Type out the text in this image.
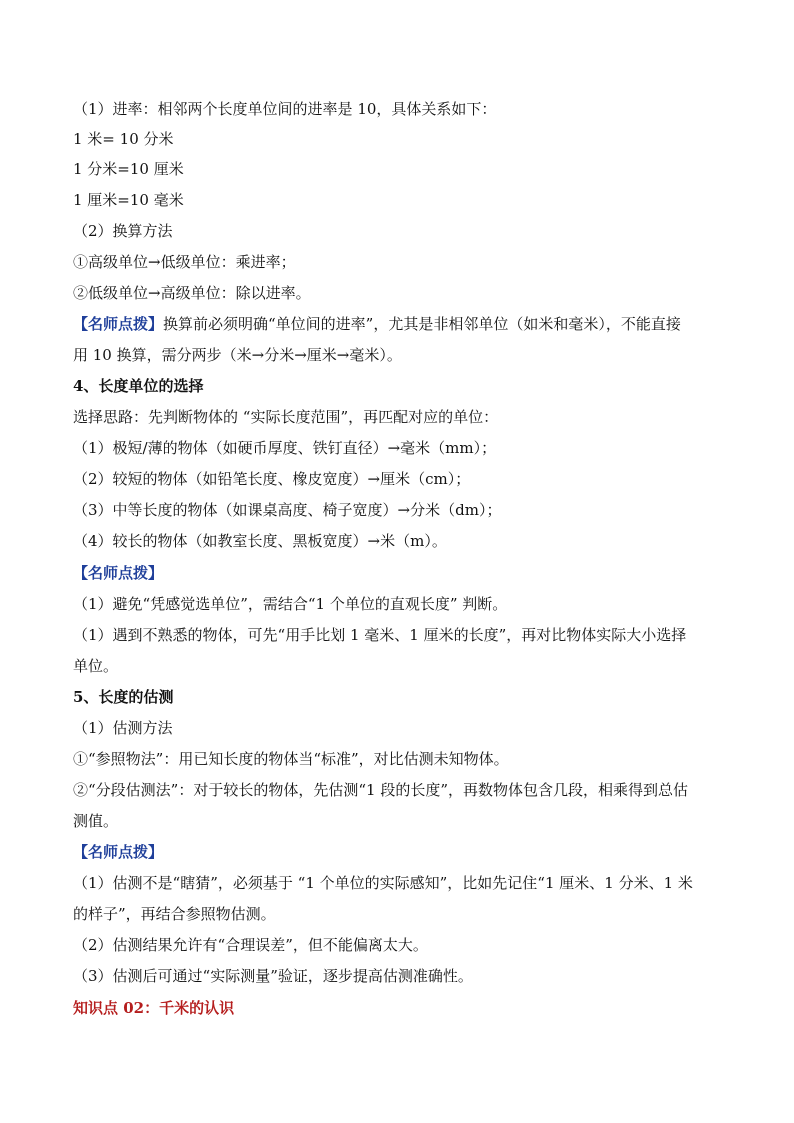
（1）进率：相邻两个长度单位间的进率是 10，具体关系如下：
1 米= 10 分米
1 分米=10 厘米
1 厘米=10 毫米
（2）换算方法
①高级单位→低级单位：乘进率；
②低级单位→高级单位：除以进率。
【名师点拨】换算前必须明确“单位间的进率”，尤其是非相邻单位（如米和毫米），不能直接
用 10 换算，需分两步（米→分米→厘米→毫米）。
4、长度单位的选择
选择思路：先判断物体的 “实际长度范围”，再匹配对应的单位：
（1）极短/薄的物体（如硬币厚度、铁钉直径）→毫米（mm）；
（2）较短的物体（如铅笔长度、橡皮宽度）→厘米（cm）；
（3）中等长度的物体（如课桌高度、椅子宽度）→分米（dm）；
（4）较长的物体（如教室长度、黑板宽度）→米（m）。
【名师点拨】
（1）避免“凭感觉选单位”，需结合“1 个单位的直观长度” 判断。
（1）遇到不熟悉的物体，可先“用手比划 1 毫米、1 厘米的长度”，再对比物体实际大小选择
单位。
5、长度的估测
（1）估测方法
①“参照物法”：用已知长度的物体当“标准”，对比估测未知物体。
②“分段估测法”：对于较长的物体，先估测“1 段的长度”，再数物体包含几段，相乘得到总估
测值。
【名师点拨】
（1）估测不是“瞎猜”，必须基于 “1 个单位的实际感知”，比如先记住“1 厘米、1 分米、1 米
的样子”，再结合参照物估测。
（2）估测结果允许有“合理误差”，但不能偏离太大。
（3）估测后可通过“实际测量”验证，逐步提高估测准确性。
知识点 02：千米的认识
